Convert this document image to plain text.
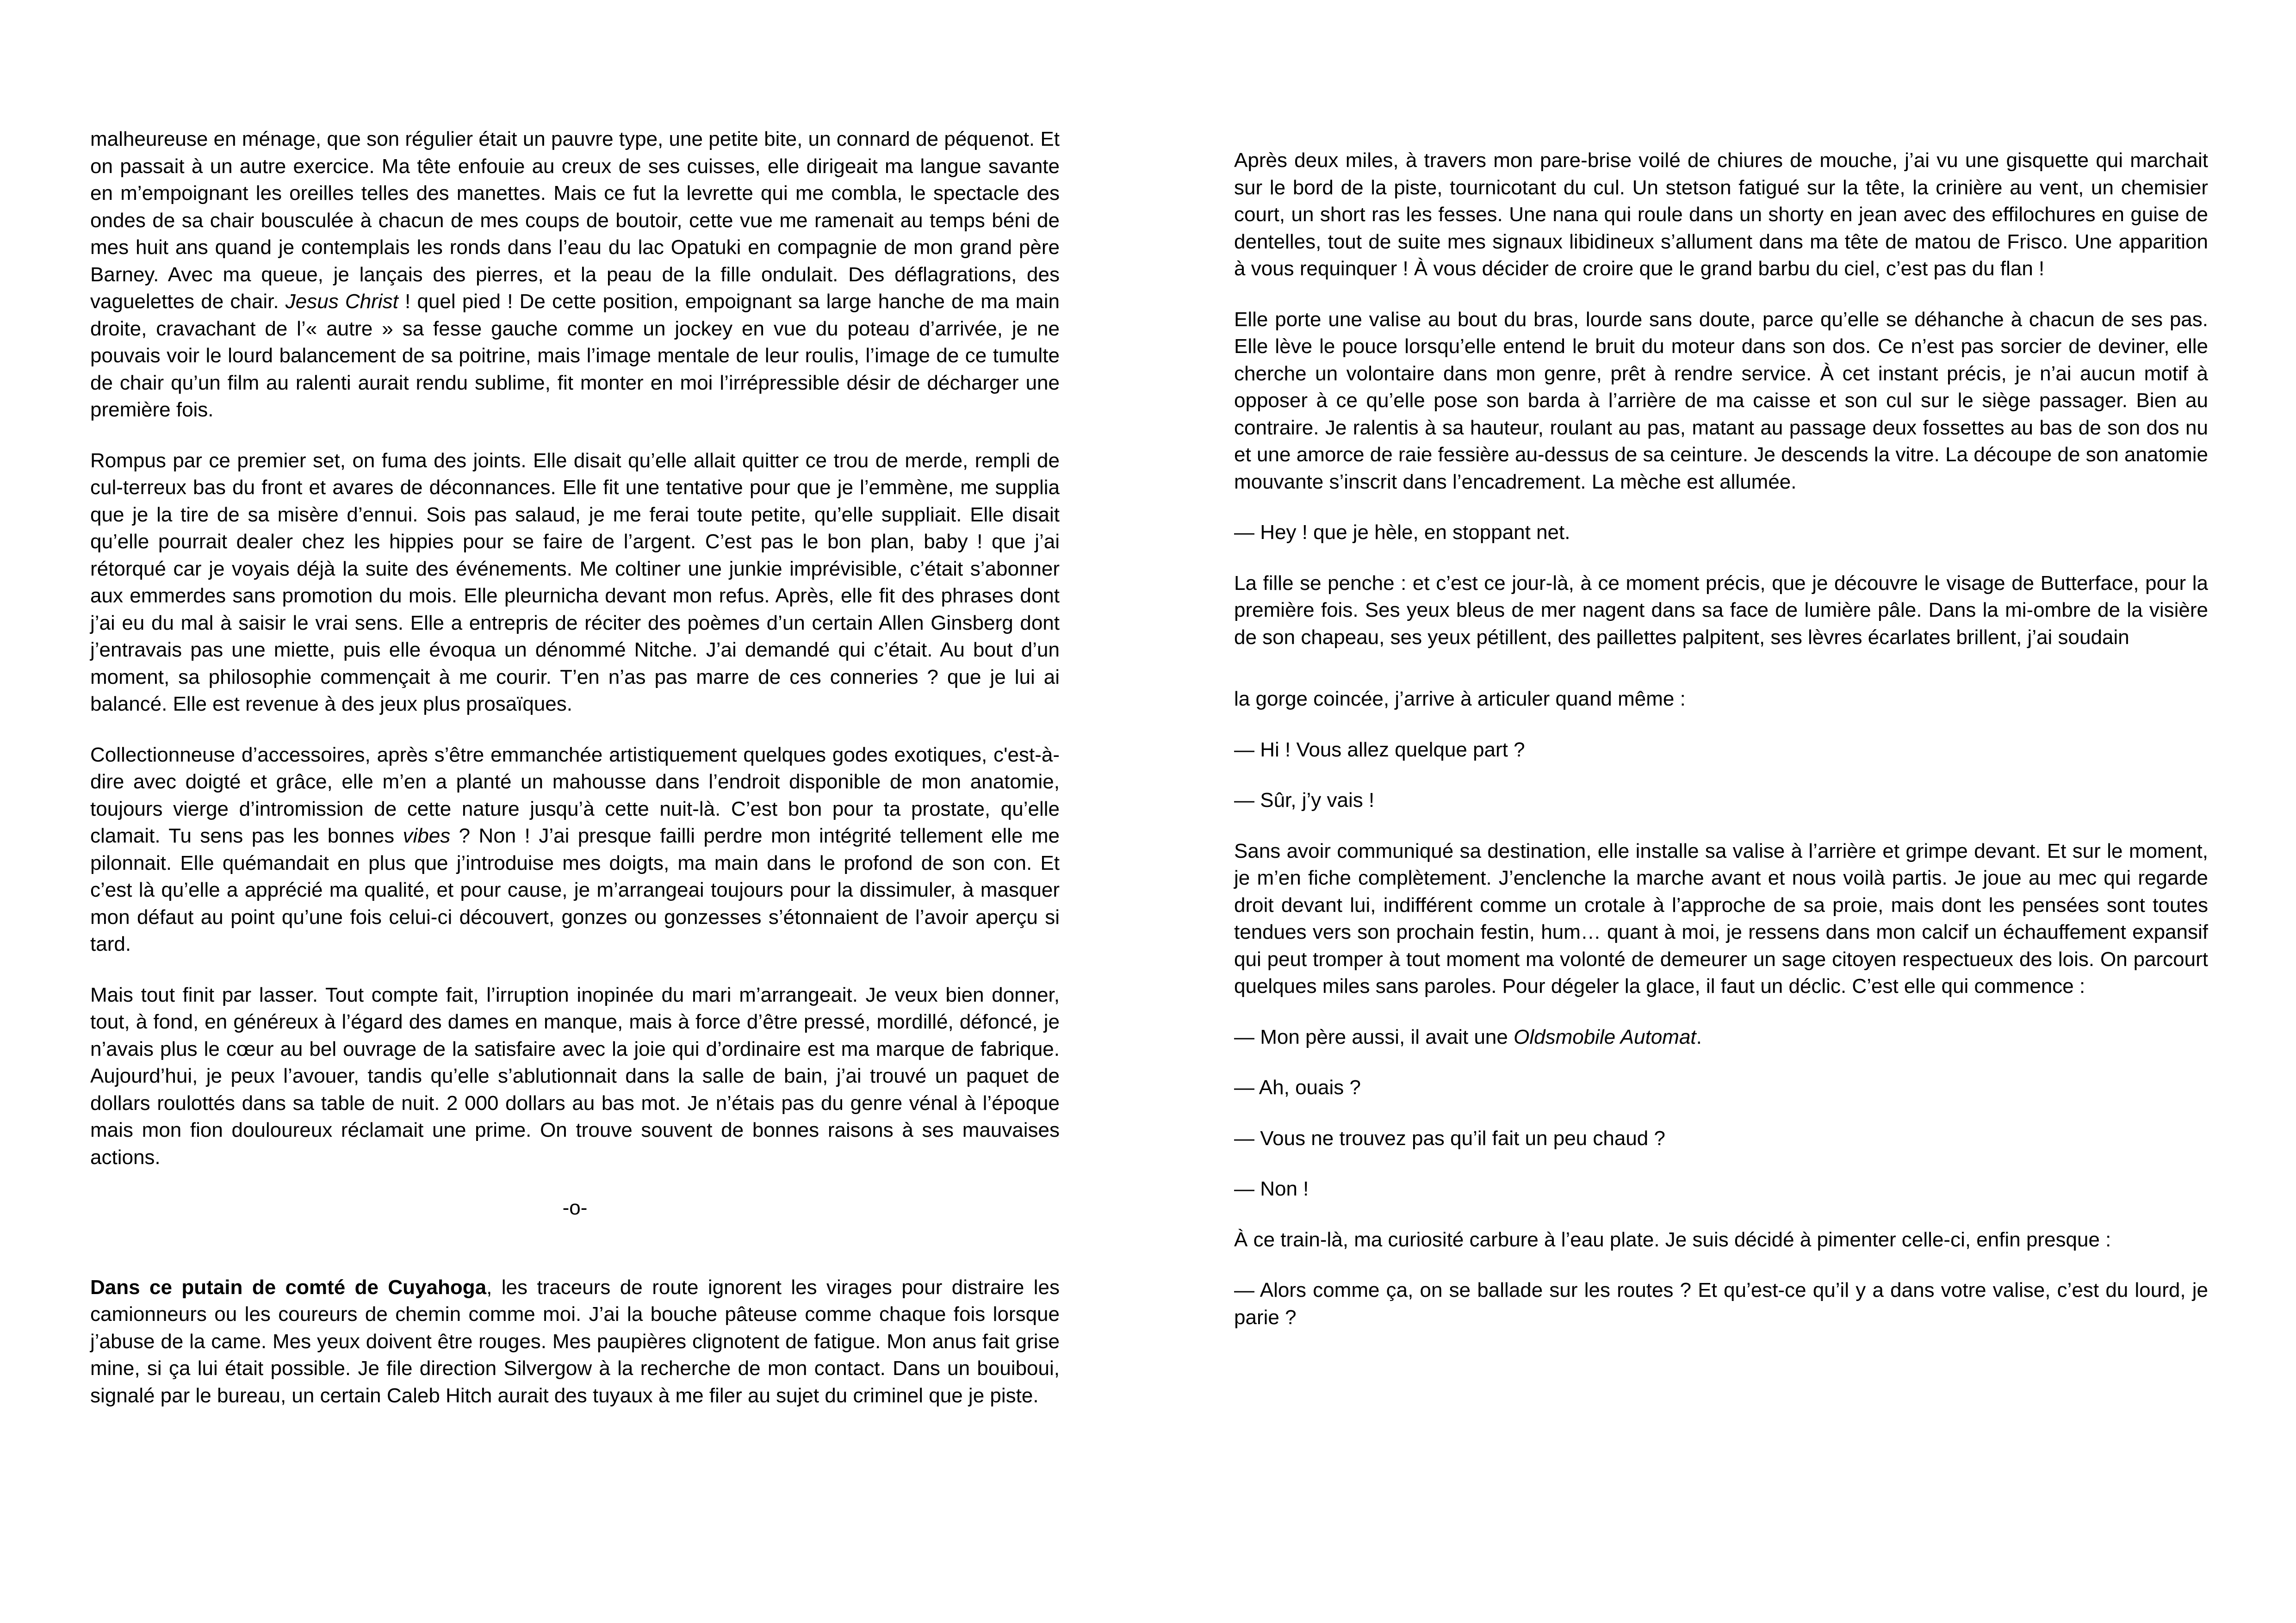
malheureuse en ménage, que son régulier était un pauvre type, une petite bite, un connard de péquenot. Et on passait à un autre exercice. Ma tête enfouie au creux de ses cuisses, elle dirigeait ma langue savante en m’empoignant les oreilles telles des manettes. Mais ce fut la levrette qui me combla, le spectacle des ondes de sa chair bousculée à chacun de mes coups de boutoir, cette vue me ramenait au temps béni de mes huit ans quand je contemplais les ronds dans l’eau du lac Opatuki en compagnie de mon grand père Barney. Avec ma queue, je lançais des pierres, et la peau de la fille ondulait. Des déflagrations, des vaguelettes de chair. Jesus Christ ! quel pied ! De cette position, empoignant sa large hanche de ma main droite, cravachant de l’« autre » sa fesse gauche comme un jockey en vue du poteau d’arrivée, je ne pouvais voir le lourd balancement de sa poitrine, mais l’image mentale de leur roulis, l’image de ce tumulte de chair qu’un film au ralenti aurait rendu sublime, fit monter en moi l’irrépressible désir de décharger une première fois.

Rompus par ce premier set, on fuma des joints. Elle disait qu’elle allait quitter ce trou de merde, rempli de cul-terreux bas du front et avares de déconnances. Elle fit une tentative pour que je l’emmène, me supplia que je la tire de sa misère d’ennui. Sois pas salaud, je me ferai toute petite, qu’elle suppliait. Elle disait qu’elle pourrait dealer chez les hippies pour se faire de l’argent. C’est pas le bon plan, baby ! que j’ai rétorqué car je voyais déjà la suite des événements. Me coltiner une junkie imprévisible, c’était s’abonner aux emmerdes sans promotion du mois. Elle pleurnicha devant mon refus. Après, elle fit des phrases dont j’ai eu du mal à saisir le vrai sens. Elle a entrepris de réciter des poèmes d’un certain Allen Ginsberg dont j’entravais pas une miette, puis elle évoqua un dénommé Nitche. J’ai demandé qui c’était. Au bout d’un moment, sa philosophie commençait à me courir. T’en n’as pas marre de ces conneries ? que je lui ai balancé. Elle est revenue à des jeux plus prosaïques.

Collectionneuse d’accessoires, après s’être emmanchée artistiquement quelques godes exotiques, c'est-à-dire avec doigté et grâce, elle m’en a planté un mahousse dans l’endroit disponible de mon anatomie, toujours vierge d’intromission de cette nature jusqu’à cette nuit-là. C’est bon pour ta prostate, qu’elle clamait. Tu sens pas les bonnes vibes ? Non ! J’ai presque failli perdre mon intégrité tellement elle me pilonnait. Elle quémandait en plus que j’introduise mes doigts, ma main dans le profond de son con. Et c’est là qu’elle a apprécié ma qualité, et pour cause, je m’arrangeai toujours pour la dissimuler, à masquer mon défaut au point qu’une fois celui-ci découvert, gonzes ou gonzesses s’étonnaient de l’avoir aperçu si tard.

Mais tout finit par lasser. Tout compte fait, l’irruption inopinée du mari m’arrangeait. Je veux bien donner, tout, à fond, en généreux à l’égard des dames en manque, mais à force d’être pressé, mordillé, défoncé, je n’avais plus le cœur au bel ouvrage de la satisfaire avec la joie qui d’ordinaire est ma marque de fabrique. Aujourd’hui, je peux l’avouer, tandis qu’elle s’ablutionnait dans la salle de bain, j’ai trouvé un paquet de dollars roulottés dans sa table de nuit. 2 000 dollars au bas mot. Je n’étais pas du genre vénal à l’époque mais mon fion douloureux réclamait une prime. On trouve souvent de bonnes raisons à ses mauvaises actions.

-o-

Dans ce putain de comté de Cuyahoga, les traceurs de route ignorent les virages pour distraire les camionneurs ou les coureurs de chemin comme moi. J’ai la bouche pâteuse comme chaque fois lorsque j’abuse de la came. Mes yeux doivent être rouges. Mes paupières clignotent de fatigue. Mon anus fait grise mine, si ça lui était possible. Je file direction Silvergow à la recherche de mon contact. Dans un bouiboui, signalé par le bureau, un certain Caleb Hitch aurait des tuyaux à me filer au sujet du criminel que je piste.

Après deux miles, à travers mon pare-brise voilé de chiures de mouche, j’ai vu une gisquette qui marchait sur le bord de la piste, tournicotant du cul. Un stetson fatigué sur la tête, la crinière au vent, un chemisier court, un short ras les fesses. Une nana qui roule dans un shorty en jean avec des effilochures en guise de dentelles, tout de suite mes signaux libidineux s’allument dans ma tête de matou de Frisco. Une apparition à vous requinquer ! À vous décider de croire que le grand barbu du ciel, c’est pas du flan !

Elle porte une valise au bout du bras, lourde sans doute, parce qu’elle se déhanche à chacun de ses pas. Elle lève le pouce lorsqu’elle entend le bruit du moteur dans son dos. Ce n’est pas sorcier de deviner, elle cherche un volontaire dans mon genre, prêt à rendre service. À cet instant précis, je n’ai aucun motif à opposer à ce qu’elle pose son barda à l’arrière de ma caisse et son cul sur le siège passager. Bien au contraire. Je ralentis à sa hauteur, roulant au pas, matant au passage deux fossettes au bas de son dos nu et une amorce de raie fessière au-dessus de sa ceinture. Je descends la vitre. La découpe de son anatomie mouvante s’inscrit dans l’encadrement. La mèche est allumée.

— Hey ! que je hèle, en stoppant net.

La fille se penche : et c’est ce jour-là, à ce moment précis, que je découvre le visage de Butterface, pour la première fois. Ses yeux bleus de mer nagent dans sa face de lumière pâle. Dans la mi-ombre de la visière de son chapeau, ses yeux pétillent, des paillettes palpitent, ses lèvres écarlates brillent, j’ai soudain

la gorge coincée, j’arrive à articuler quand même :

— Hi ! Vous allez quelque part ?

— Sûr, j’y vais !

Sans avoir communiqué sa destination, elle installe sa valise à l’arrière et grimpe devant. Et sur le moment, je m’en fiche complètement. J’enclenche la marche avant et nous voilà partis. Je joue au mec qui regarde droit devant lui, indifférent comme un crotale à l’approche de sa proie, mais dont les pensées sont toutes tendues vers son prochain festin, hum… quant à moi, je ressens dans mon calcif un échauffement expansif qui peut tromper à tout moment ma volonté de demeurer un sage citoyen respectueux des lois. On parcourt quelques miles sans paroles. Pour dégeler la glace, il faut un déclic. C’est elle qui commence :

— Mon père aussi, il avait une Oldsmobile Automat.

— Ah, ouais ?

— Vous ne trouvez pas qu’il fait un peu chaud ?

— Non !

À ce train-là, ma curiosité carbure à l’eau plate. Je suis décidé à pimenter celle-ci, enfin presque :

— Alors comme ça, on se ballade sur les routes ? Et qu’est-ce qu’il y a dans votre valise, c’est du lourd, je parie ?
